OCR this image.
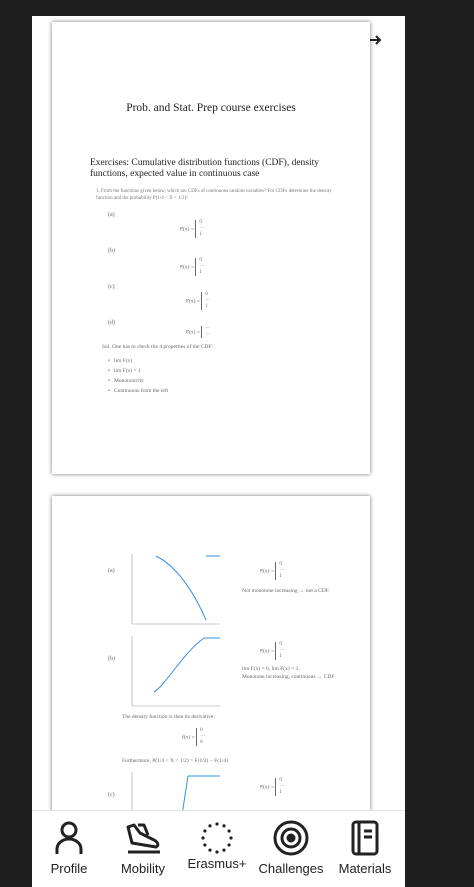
Prob. and Stat. Prep course exercises
Exercises: Cumulative distribution functions (CDF), density functions, expected value in continuous case
1. From the functions given below, which are CDFs of continuous random variables? For CDFs determine the density function and the probability P(1/4 < X < 1/2)!
(a)
F(x) = 0
···
1
(b)
F(x) = 0
···
1
(c)
F(x) = 0
···
1
(d)
F(x) = ···
···
Sol. One has to check the 4 properties of the CDF:
• lim F(x)
• lim F(x) = 1
• Monotonicity
• Continuous from the left
(a)	F(x) = 0
···
1
Not monotone increasing → not a CDF.
(b)
F(x) = 0
···
1
lim F(x) = 0, lim F(x) = 1,
Monotone increasing, continuous → CDF
The density function is then its derivative:
f(x) = 0
···
0
Furthermore, P(1/4 < X < 1/2) = F(1/2) − F(1/4)
(c)
F(x) = 0
···
1
Profile	Mobility	Erasmus+ Challenges	Materials
